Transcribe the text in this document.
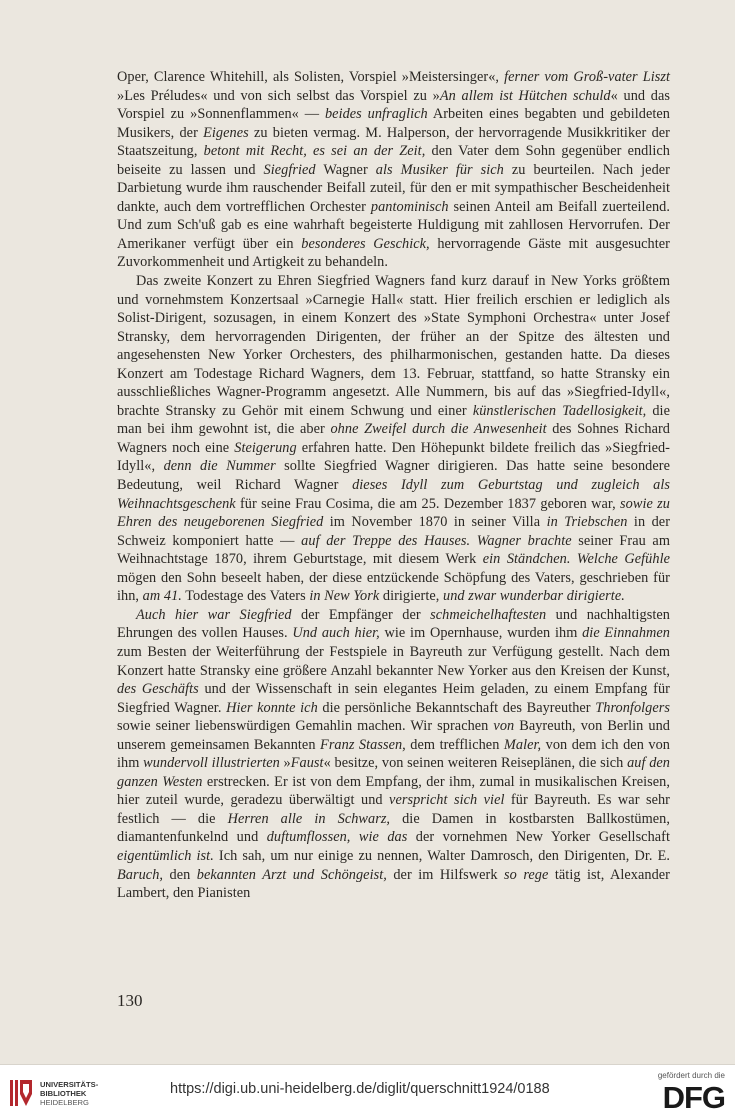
Oper, Clarence Whitehill, als Solisten, Vorspiel »Meistersinger«, ferner vom Groß-vater Liszt »Les Préludes« und von sich selbst das Vorspiel zu »An allem ist Hütchen schuld« und das Vorspiel zu »Sonnenflammen« — beides unfraglich Arbeiten eines begabten und gebildeten Musikers, der Eigenes zu bieten vermag. M. Halperson, der hervorragende Musikkritiker der Staatszeitung, betont mit Recht, es sei an der Zeit, den Vater dem Sohn gegenüber endlich beiseite zu lassen und Siegfried Wagner als Musiker für sich zu beurteilen. Nach jeder Darbietung wurde ihm rauschender Beifall zuteil, für den er mit sympathischer Bescheidenheit dankte, auch dem vortrefflichen Orchester pantominisch seinen Anteil am Beifall zuerteilend. Und zum Sch'uß gab es eine wahrhaft begeisterte Huldigung mit zahllosen Hervorrufen. Der Amerikaner verfügt über ein besonderes Geschick, hervorragende Gäste mit ausgesuchter Zuvorkommenheit und Artigkeit zu behandeln.

Das zweite Konzert zu Ehren Siegfried Wagners fand kurz darauf in New Yorks größtem und vornehmstem Konzertsaal »Carnegie Hall« statt. Hier freilich erschien er lediglich als Solist-Dirigent, sozusagen, in einem Konzert des »State Symphoni Orchestra« unter Josef Stransky, dem hervorragenden Dirigenten, der früher an der Spitze des ältesten und angesehensten New Yorker Orchesters, des philharmonischen, gestanden hatte. Da dieses Konzert am Todestage Richard Wagners, dem 13. Februar, stattfand, so hatte Stransky ein ausschließliches Wagner-Programm angesetzt. Alle Nummern, bis auf das »Siegfried-Idyll«, brachte Stransky zu Gehör mit einem Schwung und einer künstlerischen Tadellosigkeit, die man bei ihm gewohnt ist, die aber ohne Zweifel durch die Anwesenheit des Sohnes Richard Wagners noch eine Steigerung erfahren hatte. Den Höhepunkt bildete freilich das »Siegfried-Idyll«, denn die Nummer sollte Siegfried Wagner dirigieren. Das hatte seine besondere Bedeutung, weil Richard Wagner dieses Idyll zum Geburtstag und zugleich als Weihnachtsgeschenk für seine Frau Cosima, die am 25. Dezember 1837 geboren war, sowie zu Ehren des neugeborenen Siegfried im November 1870 in seiner Villa in Triebschen in der Schweiz komponiert hatte — auf der Treppe des Hauses. Wagner brachte seiner Frau am Weihnachtstage 1870, ihrem Geburtstage, mit diesem Werk ein Ständchen. Welche Gefühle mögen den Sohn beseelt haben, der diese entzückende Schöpfung des Vaters, geschrieben für ihn, am 41. Todestage des Vaters in New York dirigierte, und zwar wunderbar dirigierte.

Auch hier war Siegfried der Empfänger der schmeichelhaftesten und nachhaltigsten Ehrungen des vollen Hauses. Und auch hier, wie im Opernhause, wurden ihm die Einnahmen zum Besten der Weiterführung der Festspiele in Bayreuth zur Verfügung gestellt. Nach dem Konzert hatte Stransky eine größere Anzahl bekannter New Yorker aus den Kreisen der Kunst, des Geschäfts und der Wissenschaft in sein elegantes Heim geladen, zu einem Empfang für Siegfried Wagner. Hier konnte ich die persönliche Bekanntschaft des Bayreuther Thronfolgers sowie seiner liebenswürdigen Gemahlin machen. Wir sprachen von Bayreuth, von Berlin und unserem gemeinsamen Bekannten Franz Stassen, dem trefflichen Maler, von dem ich den von ihm wundervoll illustrierten »Faust« besitze, von seinen weiteren Reiseplänen, die sich auf den ganzen Westen erstrecken. Er ist von dem Empfang, der ihm, zumal in musikalischen Kreisen, hier zuteil wurde, geradezu überwältigt und verspricht sich viel für Bayreuth. Es war sehr festlich — die Herren alle in Schwarz, die Damen in kostbarsten Ballkostümen, diamantenfunkelnd und duftumflossen, wie das der vornehmen New Yorker Gesellschaft eigentümlich ist. Ich sah, um nur einige zu nennen, Walter Damrosch, den Dirigenten, Dr. E. Baruch, den bekannten Arzt und Schöngeist, der im Hilfswerk so rege tätig ist, Alexander Lambert, den Pianisten

130
UNIVERSITÄTS-
BIBLIOTHEK
HEIDELBERG
https://digi.ub.uni-heidelberg.de/diglit/querschnitt1924/0188
gefördert durch die
DFG
